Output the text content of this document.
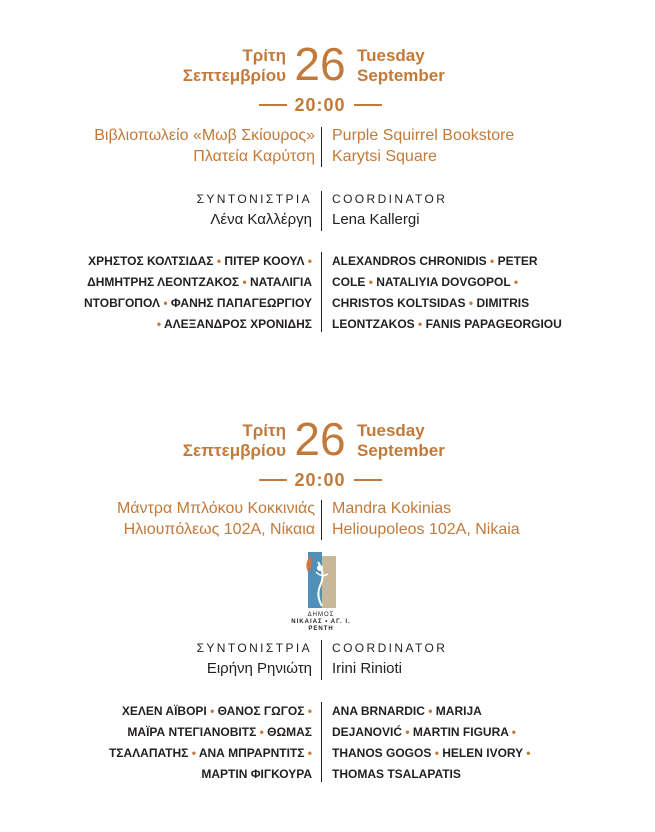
Τρίτη
Σεπτεμβρίου 26 Tuesday
September
20:00
Βιβλιοπωλείο «Μωβ Σκίουρος»
Πλατεία Καρύτση
Purple Squirrel Bookstore
Karytsi Square
ΣΥΝΤΟΝΙΣΤΡΙΑ
Λένα Καλλέργη
COORDINATOR
Lena Kallergi
ΧΡΗΣΤΟΣ ΚΟΛΤΣΙΔΑΣ • ΠΙΤΕΡ ΚΟΟΥΛ •
ΔΗΜΗΤΡΗΣ ΛΕΟΝΤΖΑΚΟΣ • ΝΑΤΑΛΙΓΙΑ
ΝΤΟΒΓΟΠΟΛ • ΦΑΝΗΣ ΠΑΠΑΓΕΩΡΓΙΟΥ
• ΑΛΕΞΑΝΔΡΟΣ ΧΡΟΝΙΔΗΣ
ALEXANDROS CHRONIDIS • PETER
COLE • NATALIYIA DOVGOPOL •
CHRISTOS KOLTSIDAS • DIMITRIS
LEONTZAKOS • FANIS PAPAGEORGIOU
Τρίτη
Σεπτεμβρίου 26 Tuesday
September
20:00
Μάντρα Μπλόκου Κοκκινιάς
Ηλιουπόλεως 102Α, Νίκαια
Mandra Kokinias
Helioupoleos 102A, Nikaia
ΔΗΜΟΣ
ΝΙΚΑΙΑΣ • ΑΓ. Ι. ΡΕΝΤΗ
ΣΥΝΤΟΝΙΣΤΡΙΑ
Ειρήνη Ρηνιώτη
COORDINATOR
Irini Rinioti
ΧΕΛΕΝ ΑΪΒΟΡΙ • ΘΑΝΟΣ ΓΩΓΟΣ •
ΜΑΪΡΑ ΝΤΕΓΙΑΝΟΒΙΤΣ • ΘΩΜΑΣ
ΤΣΑΛΑΠΑΤΗΣ • ΑΝΑ ΜΠΡΑΡΝΤΙΤΣ •
ΜΑΡΤΙΝ ΦΙΓΚΟΥΡΑ
ANA BRNARDIC • MARIJA
DEJANOVIĆ • MARTIN FIGURA •
THANOS GOGOS • HELEN IVORY •
THOMAS TSALAPATIS
